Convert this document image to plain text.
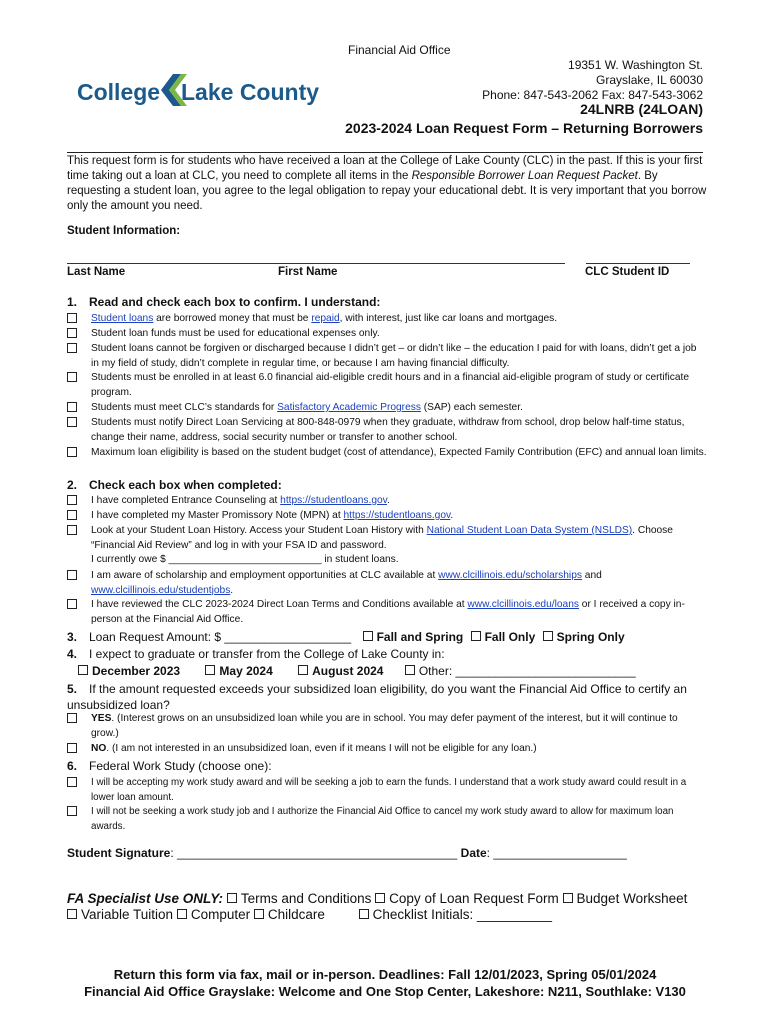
Financial Aid Office
19351 W. Washington St.
Grayslake, IL 60030
Phone: 847-543-2062 Fax: 847-543-3062
24LNRB (24LOAN)
2023-2024 Loan Request Form – Returning Borrowers
College Lake County
This request form is for students who have received a loan at the College of Lake County (CLC) in the past. If this is your first time taking out a loan at CLC, you need to complete all items in the Responsible Borrower Loan Request Packet. By requesting a student loan, you agree to the legal obligation to repay your educational debt. It is very important that you borrow only the amount you need.
Student Information:
Last Name	First Name	CLC Student ID
1. Read and check each box to confirm. I understand:
Student loans are borrowed money that must be repaid, with interest, just like car loans and mortgages.
Student loan funds must be used for educational expenses only.
Student loans cannot be forgiven or discharged because I didn’t get – or didn’t like – the education I paid for with loans, didn’t get a job in my field of study, didn’t complete in regular time, or because I am having financial difficulty.
Students must be enrolled in at least 6.0 financial aid-eligible credit hours and in a financial aid-eligible program of study or certificate program.
Students must meet CLC’s standards for Satisfactory Academic Progress (SAP) each semester.
Students must notify Direct Loan Servicing at 800-848-0979 when they graduate, withdraw from school, drop below half-time status, change their name, address, social security number or transfer to another school.
Maximum loan eligibility is based on the student budget (cost of attendance), Expected Family Contribution (EFC) and annual loan limits.
2. Check each box when completed:
I have completed Entrance Counseling at https://studentloans.gov.
I have completed my Master Promissory Note (MPN) at https://studentloans.gov.
Look at your Student Loan History. Access your Student Loan History with National Student Loan Data System (NSLDS). Choose “Financial Aid Review” and log in with your FSA ID and password.
I currently owe $ ___________________________ in student loans.
I am aware of scholarship and employment opportunities at CLC available at www.clcillinois.edu/scholarships and www.clcillinois.edu/studentjobs.
I have reviewed the CLC 2023-2024 Direct Loan Terms and Conditions available at www.clcillinois.edu/loans or I received a copy in-person at the Financial Aid Office.
3. Loan Request Amount: $ ___________________ Fall and Spring Fall Only Spring Only
4. I expect to graduate or transfer from the College of Lake County in:
December 2023	May 2024	August 2024	Other: ___________________________
5. If the amount requested exceeds your subsidized loan eligibility, do you want the Financial Aid Office to certify an unsubsidized loan?
YES. (Interest grows on an unsubsidized loan while you are in school. You may defer payment of the interest, but it will continue to grow.)
NO. (I am not interested in an unsubsidized loan, even if it means I will not be eligible for any loan.)
6. Federal Work Study (choose one):
I will be accepting my work study award and will be seeking a job to earn the funds. I understand that a work study award could result in a lower loan amount.
I will not be seeking a work study job and I authorize the Financial Aid Office to cancel my work study award to allow for maximum loan awards.
Student Signature: __________________________________________ Date: ____________________
FA Specialist Use ONLY: Terms and Conditions Copy of Loan Request Form Budget Worksheet
Variable Tuition Computer Childcare	Checklist Initials: __________
Return this form via fax, mail or in-person. Deadlines: Fall 12/01/2023, Spring 05/01/2024
Financial Aid Office Grayslake: Welcome and One Stop Center, Lakeshore: N211, Southlake: V130
